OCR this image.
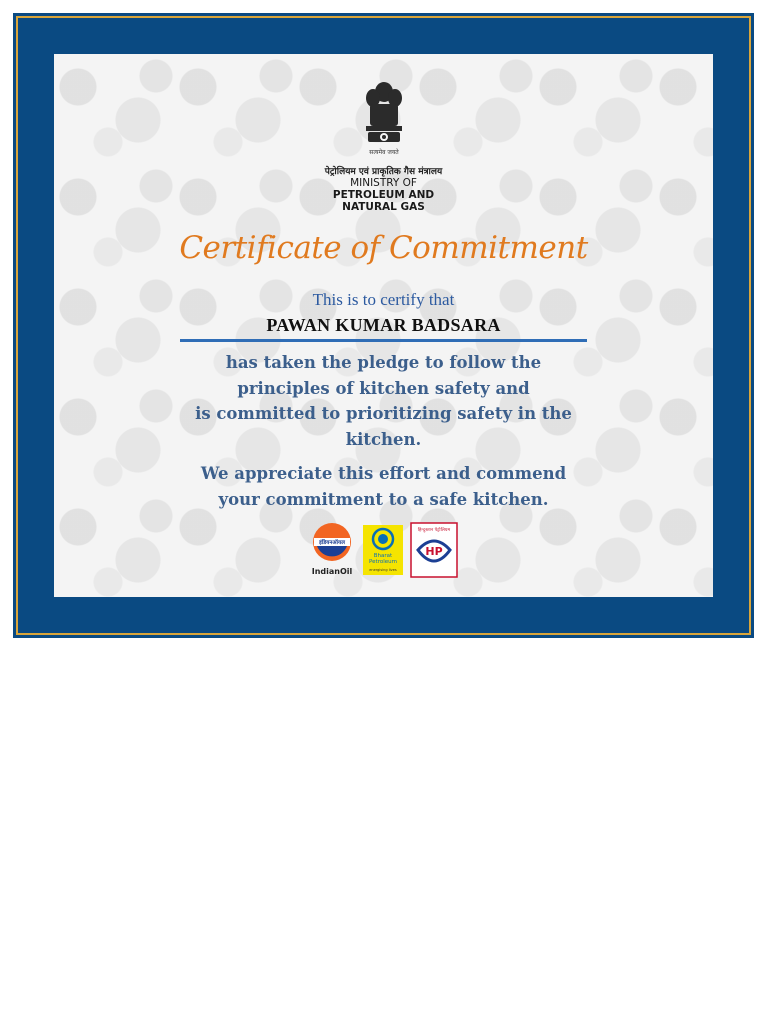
सत्यमेव जयते
पेट्रोलियम एवं प्राकृतिक गैस मंत्रालय
MINISTRY OF
PETROLEUM AND
NATURAL GAS
Certificate of Commitment
This is to certify that
PAWAN KUMAR BADSARA
has taken the pledge to follow the
principles of kitchen safety and
is committed to prioritizing safety in the
kitchen.
We appreciate this effort and commend
your commitment to a safe kitchen.
इंडियनऑयल
IndianOil
Bharat
Petroleum
energising lives
हिन्दुस्तान पेट्रोलियम
HP
